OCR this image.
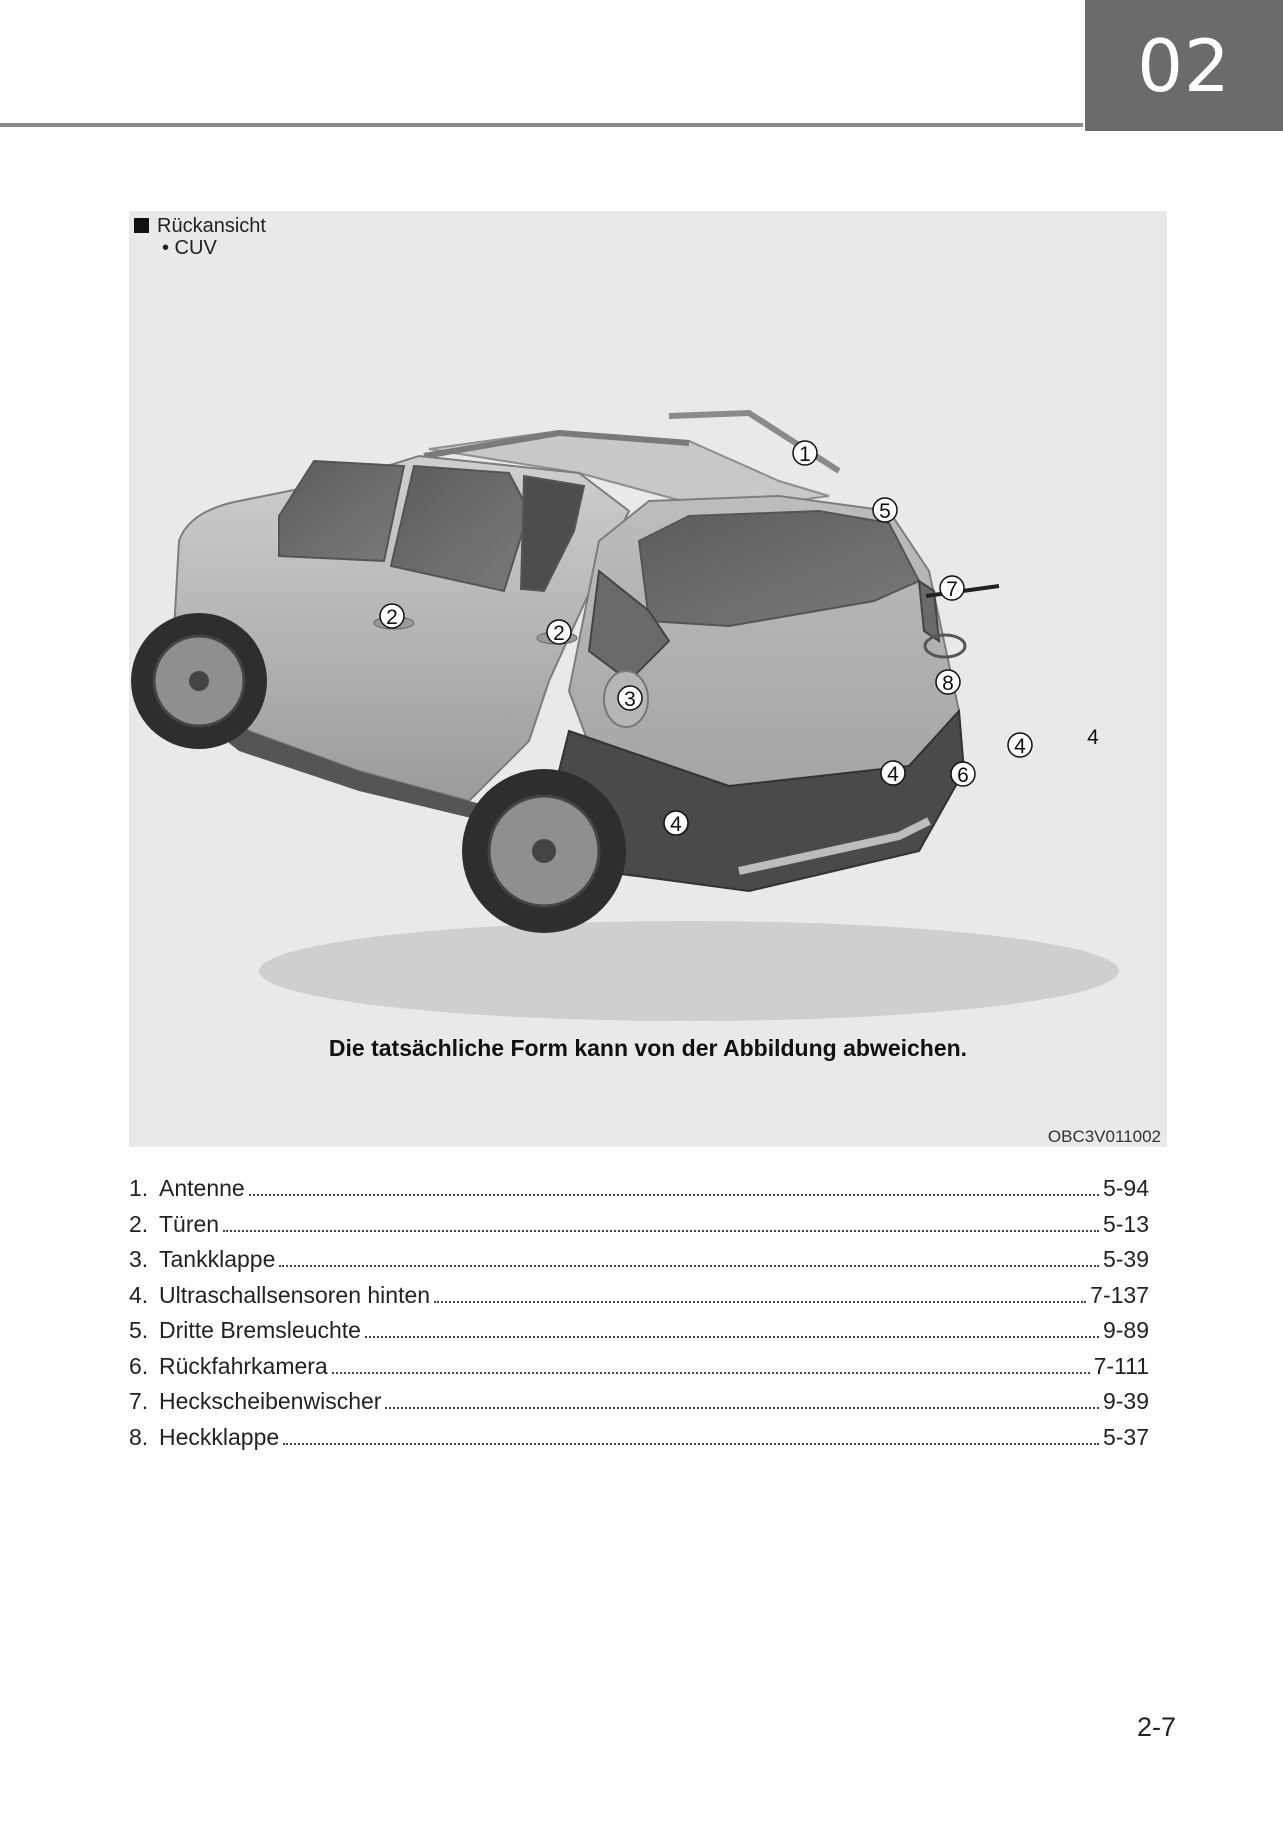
02
Rückansicht
• CUV
1
2
2
3
4
4
4	4
5
6
7
8
Die tatsächliche Form kann von der Abbildung abweichen.
OBC3V011002
1. Antenne	5-94
2. Türen	5-13
3. Tankklappe	5-39
4. Ultraschallsensoren hinten	7-137
5. Dritte Bremsleuchte	9-89
6. Rückfahrkamera	7-111
7. Heckscheibenwischer	9-39
8. Heckklappe	5-37
2-7
